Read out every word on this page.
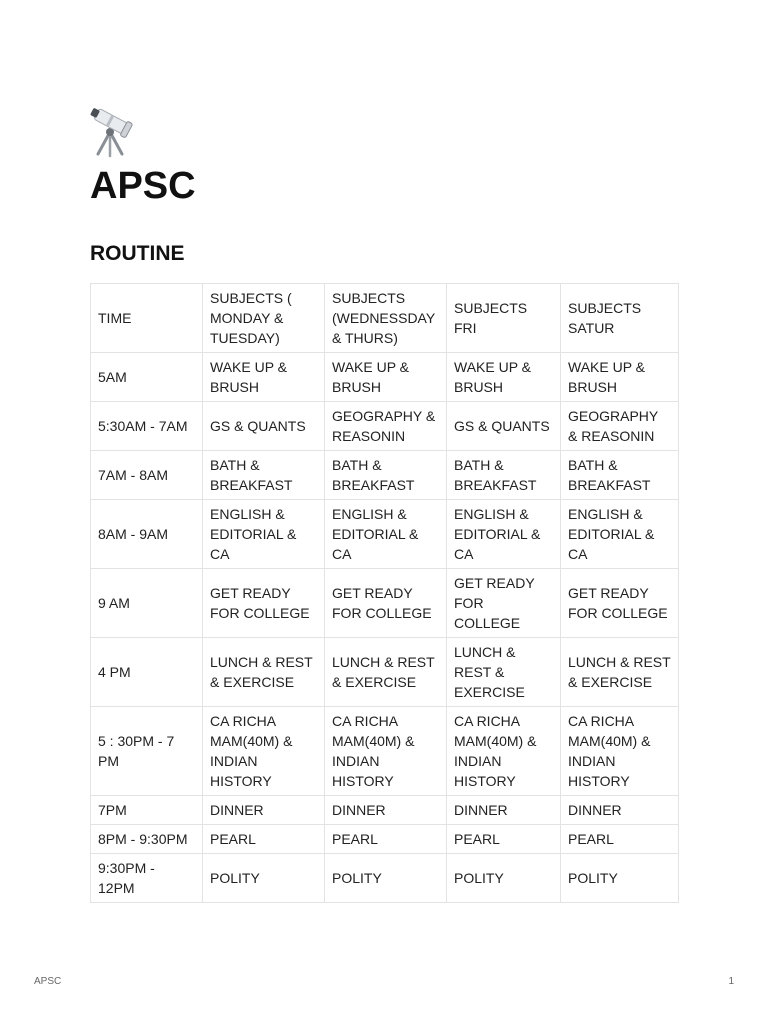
APSC
ROUTINE
TIME	SUBJECTS ( MONDAY & TUESDAY)	SUBJECTS (WEDNESSDAY & THURS)	SUBJECTS FRI	SUBJECTS SATUR
5AM	WAKE UP & BRUSH	WAKE UP & BRUSH	WAKE UP & BRUSH	WAKE UP & BRUSH
5:30AM - 7AM	GS & QUANTS	GEOGRAPHY & REASONIN	GS & QUANTS	GEOGRAPHY & REASONIN
7AM - 8AM	BATH & BREAKFAST	BATH & BREAKFAST	BATH & BREAKFAST	BATH & BREAKFAST
8AM - 9AM	ENGLISH & EDITORIAL & CA	ENGLISH & EDITORIAL & CA	ENGLISH & EDITORIAL & CA	ENGLISH & EDITORIAL & CA
9 AM	GET READY FOR COLLEGE	GET READY FOR COLLEGE	GET READY FOR COLLEGE	GET READY FOR COLLEGE
4 PM	LUNCH & REST & EXERCISE	LUNCH & REST & EXERCISE	LUNCH & REST & EXERCISE	LUNCH & REST & EXERCISE
5 : 30PM - 7 PM	CA RICHA MAM(40M) & INDIAN HISTORY	CA RICHA MAM(40M) & INDIAN HISTORY	CA RICHA MAM(40M) & INDIAN HISTORY	CA RICHA MAM(40M) & INDIAN HISTORY
7PM	DINNER	DINNER	DINNER	DINNER
8PM - 9:30PM	PEARL	PEARL	PEARL	PEARL
9:30PM - 12PM	POLITY	POLITY	POLITY	POLITY
APSC	1
